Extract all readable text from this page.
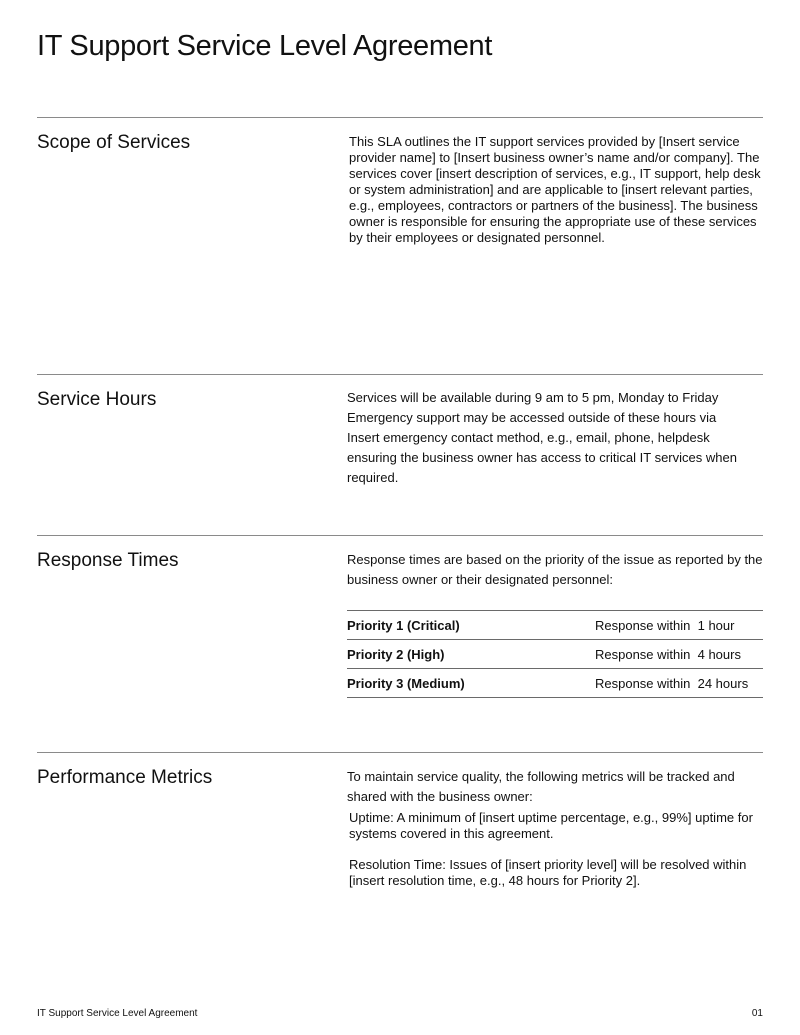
IT Support Service Level Agreement
Scope of Services	This SLA outlines the IT support services provided by [Insert service provider name] to [Insert business owner’s name and/or company]. The services cover [insert description of services, e.g., IT support, help desk or system administration] and are applicable to [insert relevant parties, e.g., employees, contractors or partners of the business]. The business owner is responsible for ensuring the appropriate use of these services by their employees or designated personnel.
Service Hours	Services will be available during 9 am to 5 pm, Monday to Friday
Emergency support may be accessed outside of these hours via
Insert emergency contact method, e.g., email, phone, helpdesk
ensuring the business owner has access to critical IT services when
required.
Response Times	Response times are based on the priority of the issue as reported by the business owner or their designated personnel:
Priority 1 (Critical)	Response within  1 hour
Priority 2 (High)	Response within  4 hours
Priority 3 (Medium)	Response within  24 hours
Performance Metrics	To maintain service quality, the following metrics will be tracked and shared with the business owner:
Uptime: A minimum of [insert uptime percentage, e.g., 99%] uptime for systems covered in this agreement.
Resolution Time: Issues of [insert priority level] will be resolved within [insert resolution time, e.g., 48 hours for Priority 2].
IT Support Service Level Agreement	01
